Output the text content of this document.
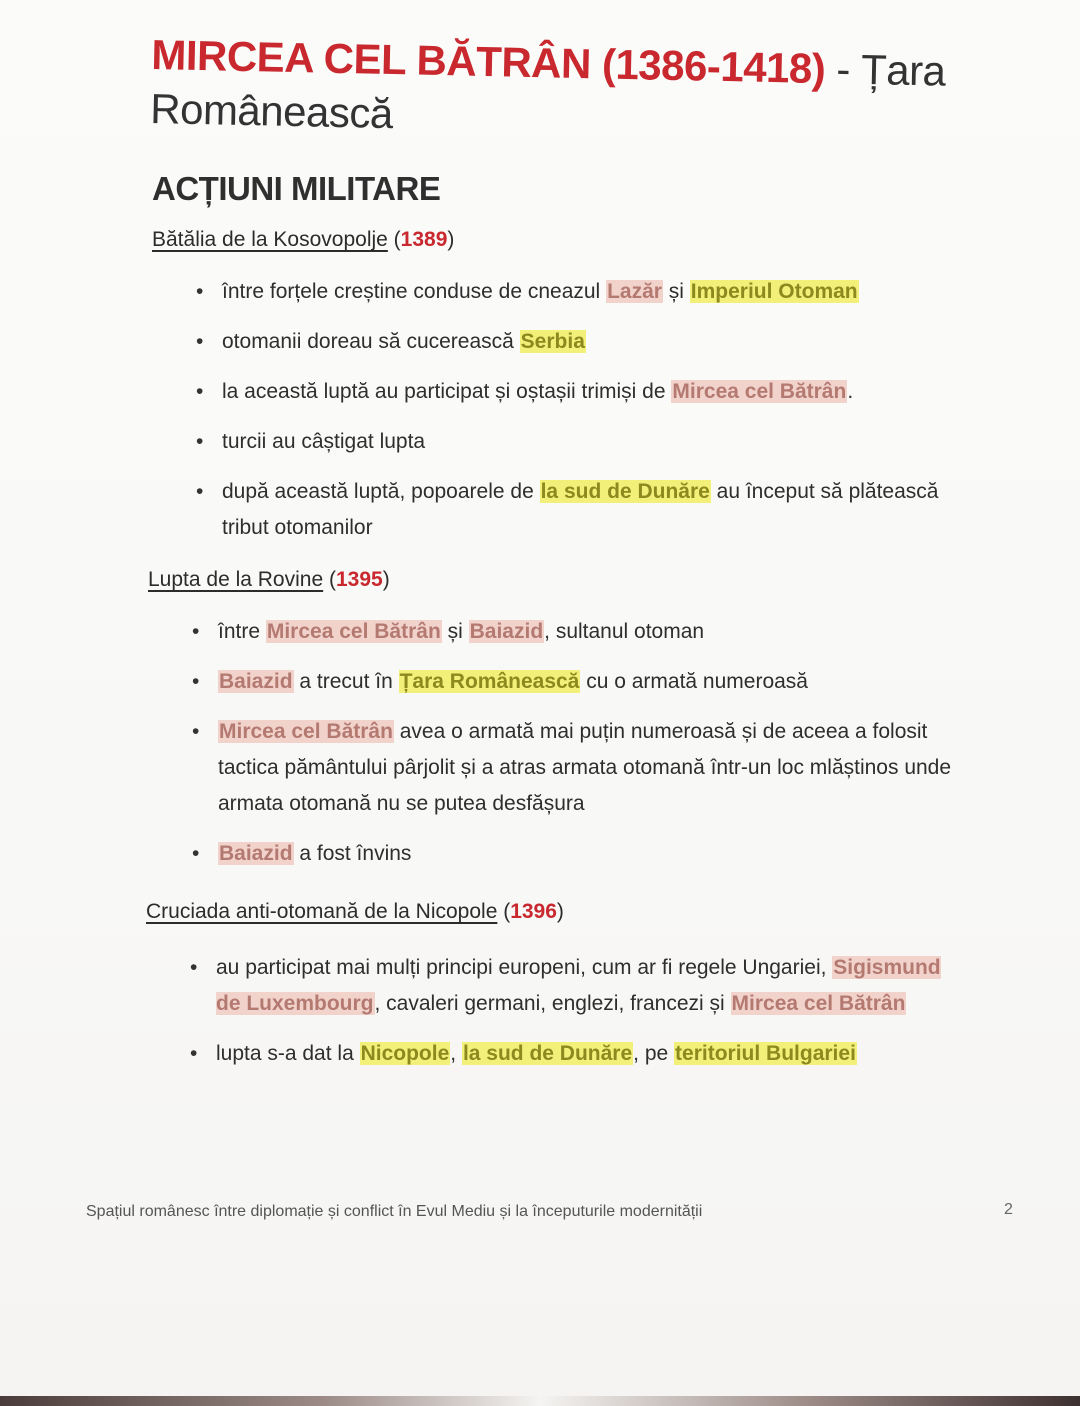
MIRCEA CEL BĂTRÂN (1386-1418) - Țara
Românească
ACȚIUNI MILITARE
Bătălia de la Kosovopolje (1389)
• între forțele creștine conduse de cneazul Lazăr și Imperiul Otoman
• otomanii doreau să cucerească Serbia
• la această luptă au participat și oștașii trimiși de Mircea cel Bătrân.
• turcii au câștigat lupta
• după această luptă, popoarele de la sud de Dunăre au început să plătească tribut otomanilor
Lupta de la Rovine (1395)
• între Mircea cel Bătrân și Baiazid, sultanul otoman
• Baiazid a trecut în Țara Românească cu o armată numeroasă
• Mircea cel Bătrân avea o armată mai puțin numeroasă și de aceea a folosit tactica pământului pârjolit și a atras armata otomană într-un loc mlăștinos unde armata otomană nu se putea desfășura
• Baiazid a fost învins
Cruciada anti-otomană de la Nicopole (1396)
• au participat mai mulți principi europeni, cum ar fi regele Ungariei, Sigismund de Luxembourg, cavaleri germani, englezi, francezi și Mircea cel Bătrân
• lupta s-a dat la Nicopole, la sud de Dunăre, pe teritoriul Bulgariei
Spațiul românesc între diplomație și conflict în Evul Mediu și la începuturile modernității	2
